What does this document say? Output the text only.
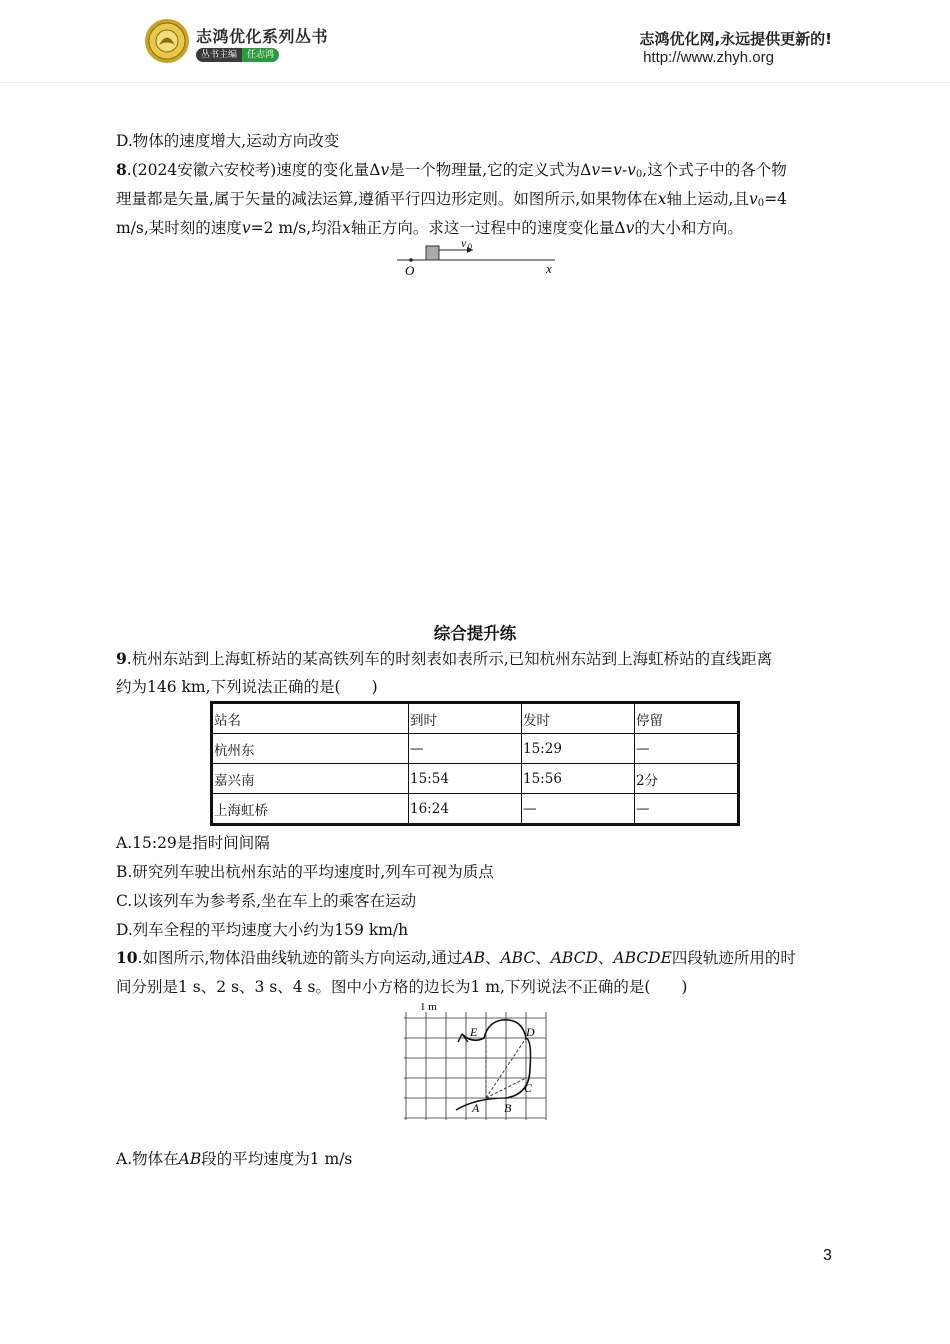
志鸿优化系列丛书
丛书主编	任志鸿
志鸿优化网,永远提供更新的!
http://www.zhyh.org
D.物体的速度增大,运动方向改变
8.(2024安徽六安校考)速度的变化量Δv是一个物理量,它的定义式为$\Delta v=v-v_0$,这个式子中的各个物
理量都是矢量,属于矢量的减法运算,遵循平行四边形定则。如图所示,如果物体在x轴上运动,且$v_0=4$
m/s,某时刻的速度v=2 m/s,均沿x轴正方向。求这一过程中的速度变化量Δv的大小和方向。
O	x
v 0
综合提升练
9.杭州东站到上海虹桥站的某高铁列车的时刻表如表所示,已知杭州东站到上海虹桥站的直线距离
约为146 km,下列说法正确的是(　　)
站名	到时	发时	停留
杭州东	—	15:29	—
嘉兴南	15:54	15:56	2分
上海虹桥	16:24	—	—
A.15:29是指时间间隔
B.研究列车驶出杭州东站的平均速度时,列车可视为质点
C.以该列车为参考系,坐在车上的乘客在运动
D.列车全程的平均速度大小约为159 km/h
10.如图所示,物体沿曲线轨迹的箭头方向运动,通过AB、ABC、ABCD、ABCDE四段轨迹所用的时
间分别是1 s、2 s、3 s、4 s。图中小方格的边长为1 m,下列说法不正确的是(　　)
1 m
A B
C
D
E
A.物体在AB段的平均速度为1 m/s
3
